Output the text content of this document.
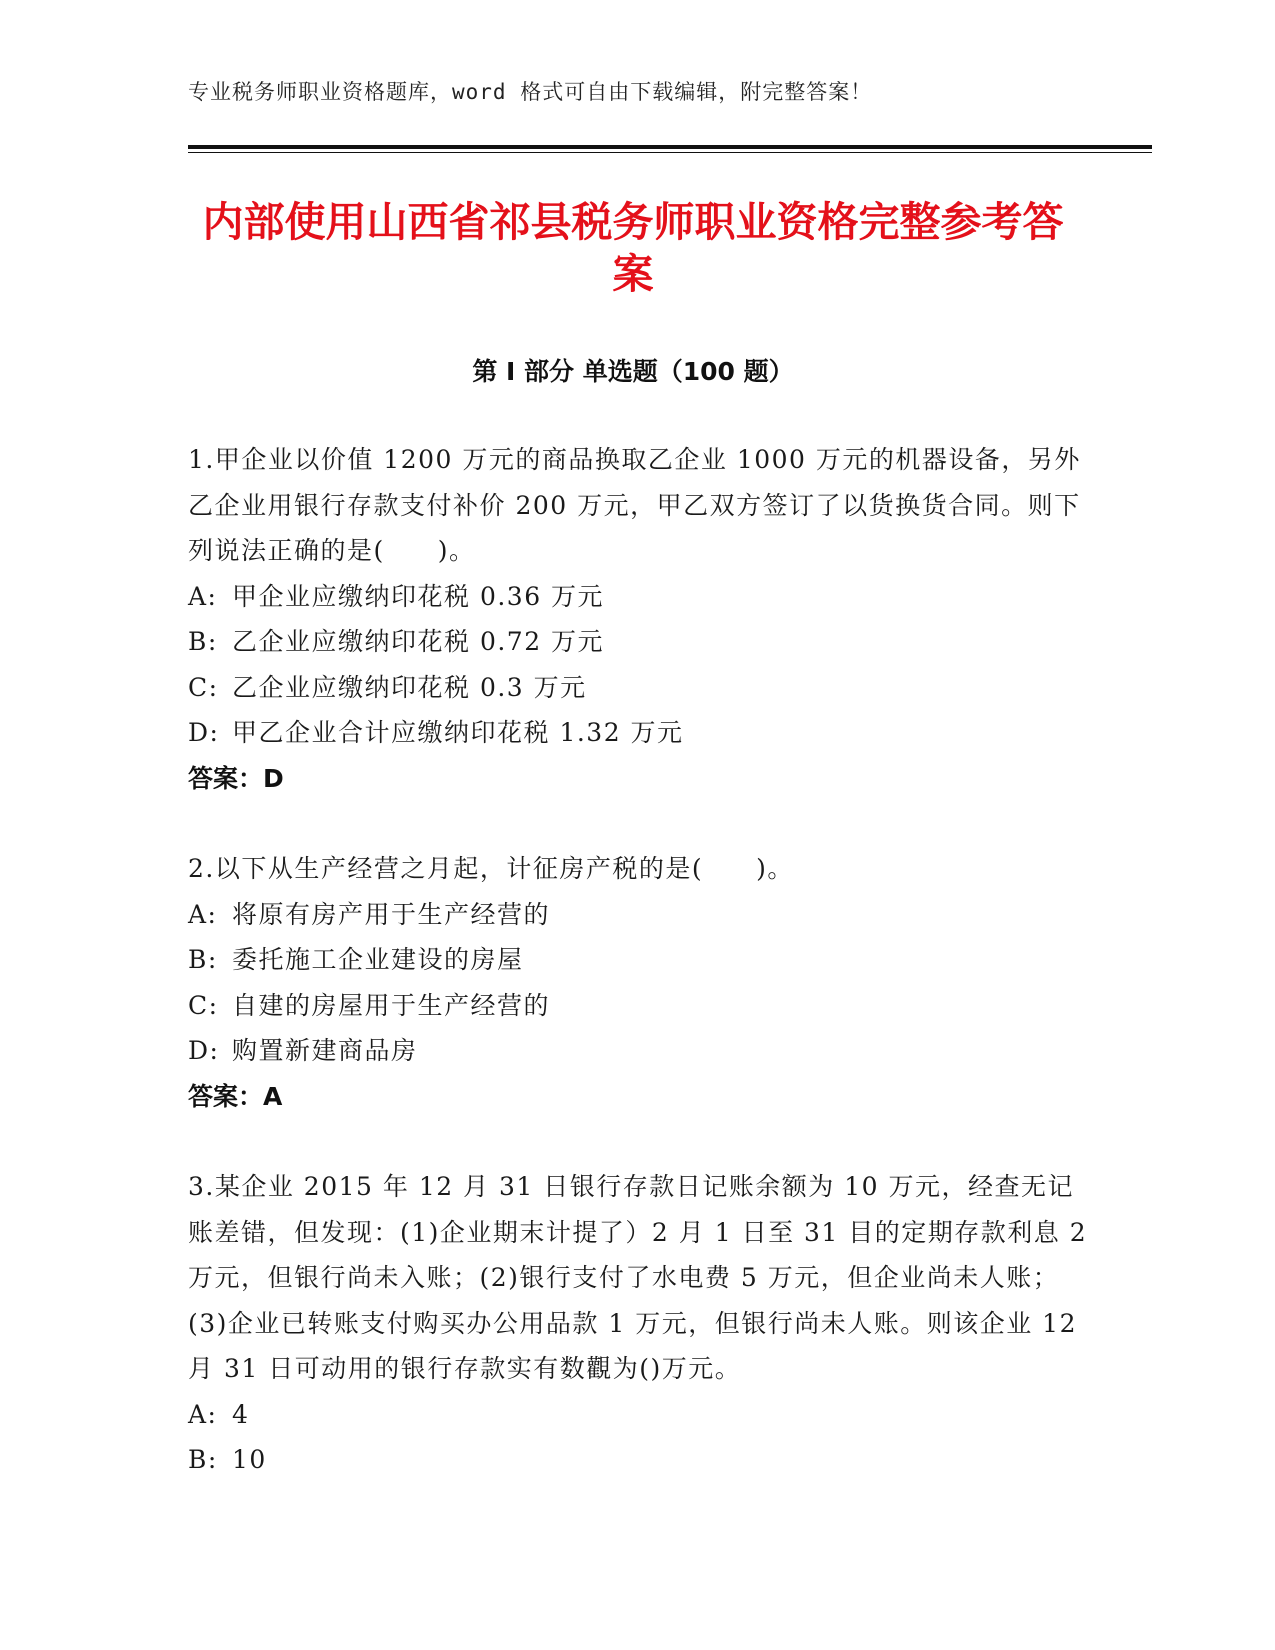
专业税务师职业资格题库，word 格式可自由下载编辑，附完整答案！
内部使用山西省祁县税务师职业资格完整参考答案
第 I 部分 单选题（100 题）

1.甲企业以价值 1200 万元的商品换取乙企业 1000 万元的机器设备，另外乙企业用银行存款支付补价 200 万元，甲乙双方签订了以货换货合同。则下列说法正确的是(　　)。

A: 甲企业应缴纳印花税 0.36 万元

B: 乙企业应缴纳印花税 0.72 万元

C: 乙企业应缴纳印花税 0.3 万元

D: 甲乙企业合计应缴纳印花税 1.32 万元

答案：D

2.以下从生产经营之月起，计征房产税的是(　　)。

A: 将原有房产用于生产经营的

B: 委托施工企业建设的房屋

C: 自建的房屋用于生产经营的

D: 购置新建商品房

答案：A

3.某企业 2015 年 12 月 31 日银行存款日记账余额为 10 万元，经查无记账差错，但发现：(1)企业期末计提了）2 月 1 日至 31 目的定期存款利息 2 万元，但银行尚未入账；(2)银行支付了水电费 5 万元，但企业尚未人账；(3)企业已转账支付购买办公用品款 1 万元，但银行尚未人账。则该企业 12 月 31 日可动用的银行存款实有数觀为()万元。

A: 4

B: 10
